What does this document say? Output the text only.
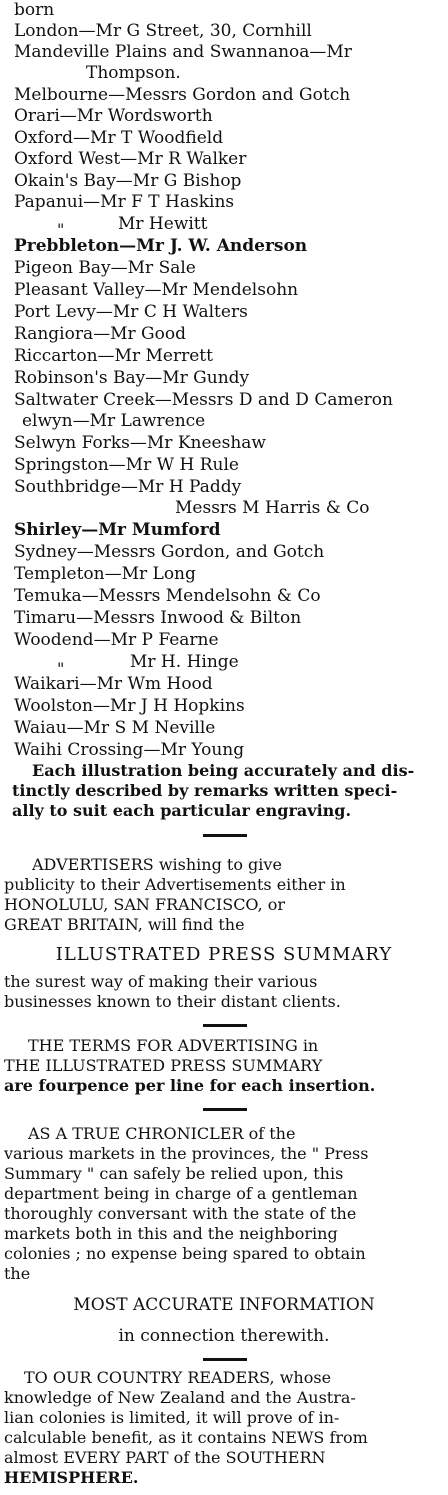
born
London—Mr G Street, 30, Cornhill
Mandeville Plains and Swannanoa—Mr
Thompson.
Melbourne—Messrs Gordon and Gotch
Orari—Mr Wordsworth
Oxford—Mr T Woodfield
Oxford West—Mr R Walker
Okain's Bay—Mr G Bishop
Papanui—Mr F T Haskins
"	Mr Hewitt
Prebbleton—Mr J. W. Anderson
Pigeon Bay—Mr Sale
Pleasant Valley—Mr Mendelsohn
Port Levy—Mr C H Walters
Rangiora—Mr Good
Riccarton—Mr Merrett
Robinson's Bay—Mr Gundy
Saltwater Creek—Messrs D and D Cameron
elwyn—Mr Lawrence
Selwyn Forks—Mr Kneeshaw
Springston—Mr W H Rule
Southbridge—Mr H Paddy
Messrs M Harris & Co
Shirley—Mr Mumford
Sydney—Messrs Gordon, and Gotch
Templeton—Mr Long
Temuka—Messrs Mendelsohn & Co
Timaru—Messrs Inwood & Bilton
Woodend—Mr P Fearne
"	Mr H. Hinge
Waikari—Mr Wm Hood
Woolston—Mr J H Hopkins
Waiau—Mr S M Neville
Waihi Crossing—Mr Young
Each illustration being accurately and dis-
tinctly described by remarks written speci-
ally to suit each particular engraving.
ADVERTISERS wishing to give
publicity to their Advertisements either in
HONOLULU, SAN FRANCISCO, or
GREAT BRITAIN, will find the
ILLUSTRATED PRESS SUMMARY
the surest way of making their various
businesses known to their distant clients.
THE TERMS FOR ADVERTISING in
THE ILLUSTRATED PRESS SUMMARY
are fourpence per line for each insertion.
AS A TRUE CHRONICLER of the
various markets in the provinces, the " Press
Summary " can safely be relied upon, this
department being in charge of a gentleman
thoroughly conversant with the state of the
markets both in this and the neighboring
colonies ; no expense being spared to obtain
the
MOST ACCURATE INFORMATION
in connection therewith.
TO OUR COUNTRY READERS, whose
knowledge of New Zealand and the Austra-
lian colonies is limited, it will prove of in-
calculable benefit, as it contains NEWS from
almost EVERY PART of the SOUTHERN
HEMISPHERE.
